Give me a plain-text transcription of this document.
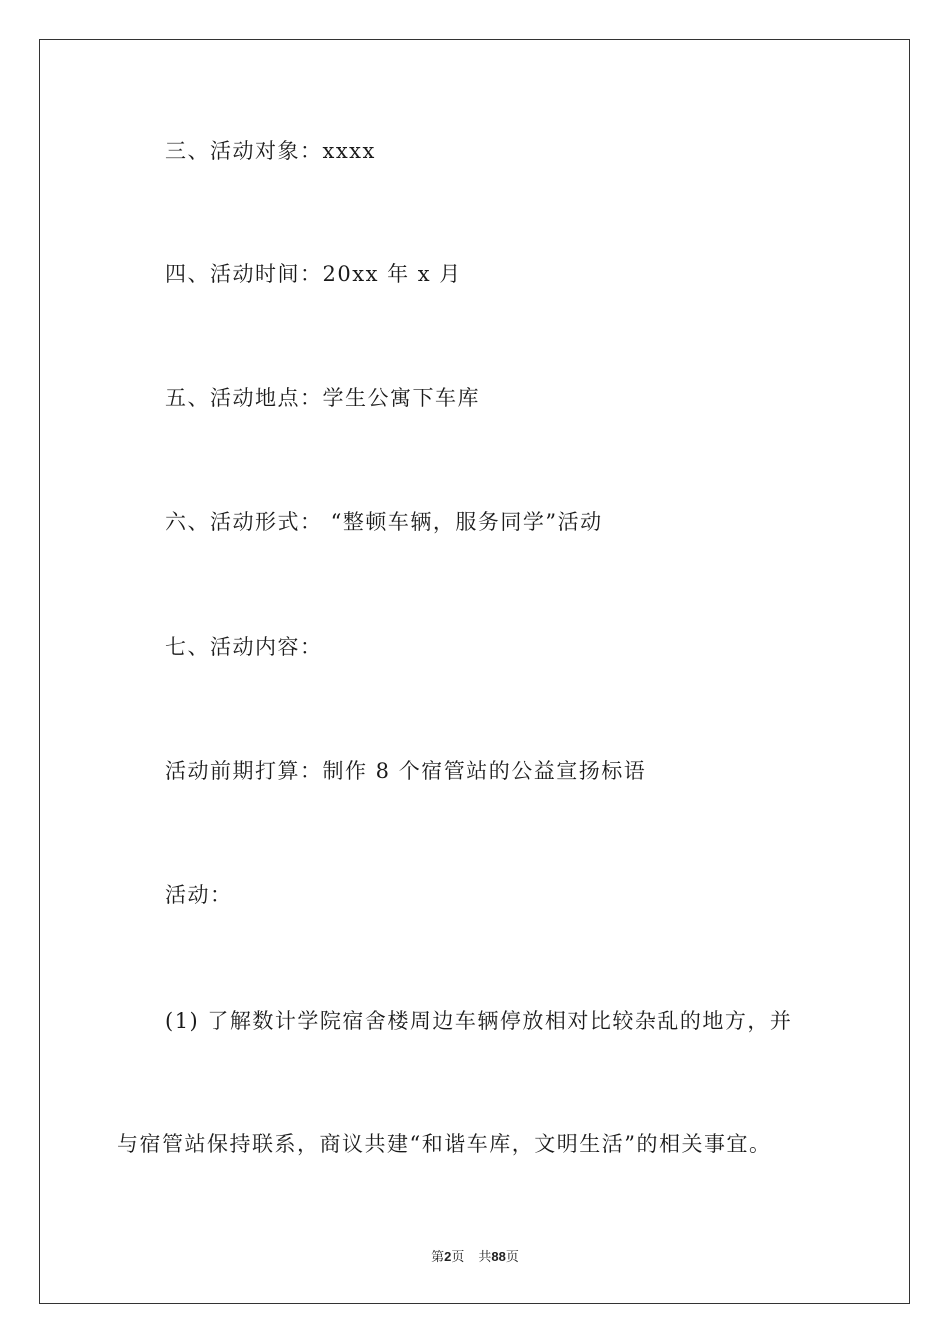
三、活动对象：xxxx
四、活动时间：20xx 年 x 月
五、活动地点：学生公寓下车库
六、活动形式： “整顿车辆，服务同学”活动
七、活动内容：
活动前期打算：制作 8 个宿管站的公益宣扬标语
活动：
(1) 了解数计学院宿舍楼周边车辆停放相对比较杂乱的地方，并
与宿管站保持联系，商议共建“和谐车库，文明生活”的相关事宜。
第2页 共88页
